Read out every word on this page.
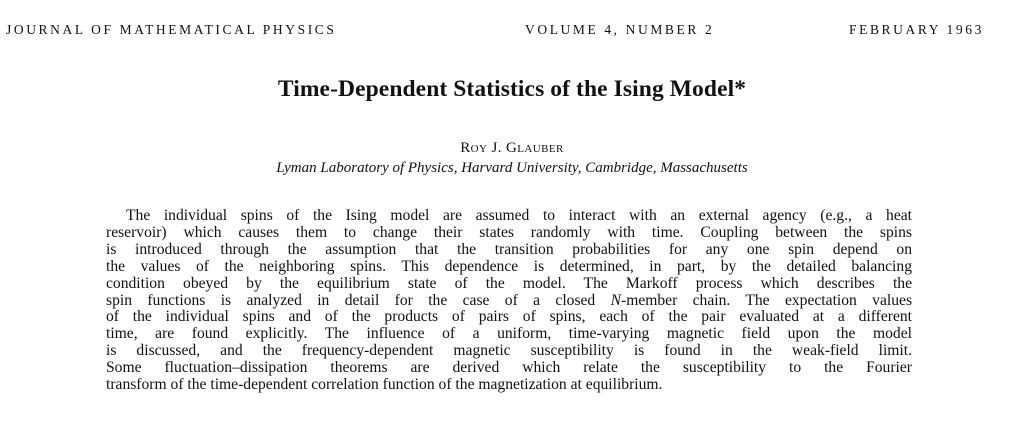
JOURNAL OF MATHEMATICAL PHYSICS	VOLUME 4, NUMBER 2	FEBRUARY 1963
Time-Dependent Statistics of the Ising Model*
Roy J. Glauber
Lyman Laboratory of Physics, Harvard University, Cambridge, Massachusetts
The individual spins of the Ising model are assumed to interact with an external agency (e.g., a heat
reservoir) which causes them to change their states randomly with time. Coupling between the spins
is introduced through the assumption that the transition probabilities for any one spin depend on
the values of the neighboring spins. This dependence is determined, in part, by the detailed balancing
condition obeyed by the equilibrium state of the model. The Markoff process which describes the
spin functions is analyzed in detail for the case of a closed N-member chain. The expectation values
of the individual spins and of the products of pairs of spins, each of the pair evaluated at a different
time, are found explicitly. The influence of a uniform, time-varying magnetic field upon the model
is discussed, and the frequency-dependent magnetic susceptibility is found in the weak-field limit.
Some fluctuation–dissipation theorems are derived which relate the susceptibility to the Fourier
transform of the time-dependent correlation function of the magnetization at equilibrium.
